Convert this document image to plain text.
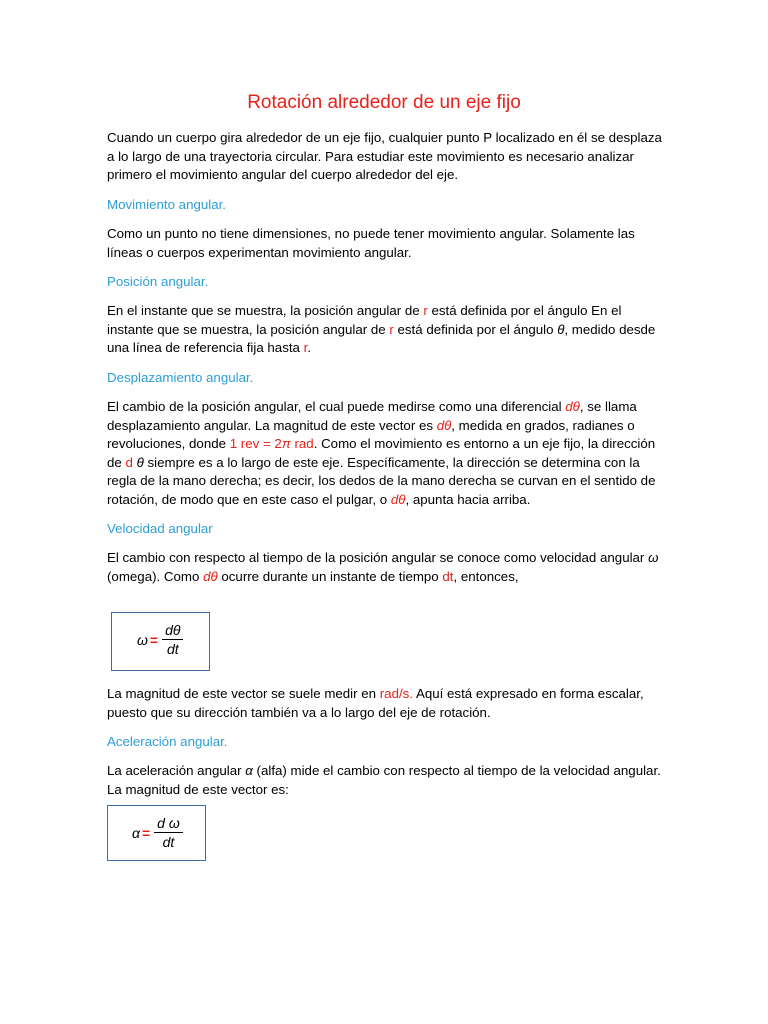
Rotación alrededor de un eje fijo

Cuando un cuerpo gira alrededor de un eje fijo, cualquier punto P localizado en él se desplaza a lo largo de una trayectoria circular. Para estudiar este movimiento es necesario analizar primero el movimiento angular del cuerpo alrededor del eje.

Movimiento angular.

Como un punto no tiene dimensiones, no puede tener movimiento angular. Solamente las líneas o cuerpos experimentan movimiento angular.

Posición angular.

En el instante que se muestra, la posición angular de r está definida por el ángulo En el instante que se muestra, la posición angular de r está definida por el ángulo θ, medido desde una línea de referencia fija hasta r.

Desplazamiento angular.

El cambio de la posición angular, el cual puede medirse como una diferencial dθ, se llama desplazamiento angular. La magnitud de este vector es dθ, medida en grados, radianes o revoluciones, donde 1 rev = 2π rad. Como el movimiento es entorno a un eje fijo, la dirección de d θ siempre es a lo largo de este eje. Específicamente, la dirección se determina con la regla de la mano derecha; es decir, los dedos de la mano derecha se curvan en el sentido de rotación, de modo que en este caso el pulgar, o dθ, apunta hacia arriba.

Velocidad angular

El cambio con respecto al tiempo de la posición angular se conoce como velocidad angular ω (omega). Como dθ ocurre durante un instante de tiempo dt, entonces,

$\omega = \frac{d\theta}{dt}$

La magnitud de este vector se suele medir en rad/s. Aquí está expresado en forma escalar, puesto que su dirección también va a lo largo del eje de rotación.

Aceleración angular.

La aceleración angular α (alfa) mide el cambio con respecto al tiempo de la velocidad angular. La magnitud de este vector es:

$\alpha = \frac{\text{d ω}}{dt}$
